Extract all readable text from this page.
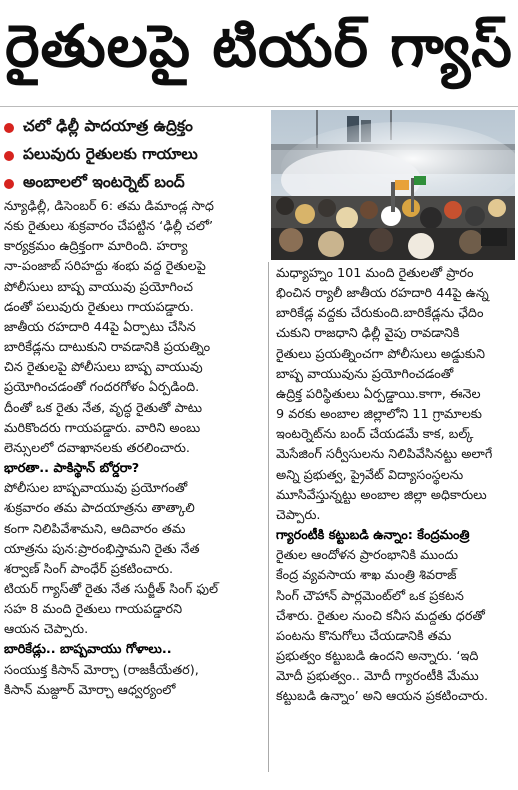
రైతులపై టియర్ గ్యాస్
చలో ఢిల్లీ పాదయాత్ర ఉద్రిక్తం
పలువురు రైతులకు గాయాలు
అంబాలలో ఇంటర్నెట్ బంద్

న్యూఢిల్లీ, డిసెంబర్ 6: తమ డిమాండ్ల సాధ

నకు రైతులు శుక్రవారం చేపట్టిన ‘ఢిల్లీ చలో’

కార్యక్రమం ఉద్రిక్తంగా మారింది. హర్యా

నా-పంజాబ్ సరిహద్దు శంభు వద్ద రైతులపై

పోలీసులు బాష్ప వాయువు ప్రయోగించ

డంతో పలువురు రైతులు గాయపడ్డారు.

జాతీయ రహదారి 44పై ఏర్పాటు చేసిన

బారికేడ్లను దాటుకుని రావడానికి ప్రయత్నిం

చిన రైతులపై పోలీసులు బాష్ప వాయువు

ప్రయోగించడంతో గందరగోళం ఏర్పడింది.

దీంతో ఒక రైతు నేత, వృద్ధ రైతుతో పాటు

మరికొందరు గాయపడ్డారు. వారిని అంబు

లెన్సులలో దవాఖానలకు తరలించారు.

భారతా.. పాకిస్థాన్ బోర్డరా?

పోలీసుల బాష్పవాయువు ప్రయోగంతో

శుక్రవారం తమ పాదయాత్రను తాత్కాలి

కంగా నిలిపివేశామని, ఆదివారం తమ

యాత్రను పున:ప్రారంభిస్తామని రైతు నేత

శర్వాణ్ సింగ్ పాంధేర్ ప్రకటించారు.

టియర్ గ్యాస్‌తో రైతు నేత సుర్జీత్ సింగ్ ఫుల్

సహ 8 మంది రైతులు గాయపడ్డారని

ఆయన చెప్పారు.

బారికేడ్లు.. బాష్పవాయు గోళాలు..

సంయుక్త కిసాన్ మోర్చా (రాజకీయేతర),

కిసాన్ మజ్దూర్ మోర్చా ఆధ్వర్యంలో

మధ్యాహ్నం 101 మంది రైతులతో ప్రారం

భించిన ర్యాలీ జాతీయ రహదారి 44పై ఉన్న

బారికేడ్ల వద్దకు చేరుకుంది.బారికేడ్లను ఛేదిం

చుకుని రాజధాని ఢిల్లీ వైపు రావడానికి

రైతులు ప్రయత్నించగా పోలీసులు అడ్డుకుని

బాష్ప వాయువును ప్రయోగించడంతో

ఉద్రిక్త పరిస్థితులు ఏర్పడ్డాయి.కాగా, ఈనెల

9 వరకు అంబాల జిల్లాలోని 11 గ్రామాలకు

ఇంటర్నెట్‌ను బంద్ చేయడమే కాక, బల్క్

మెసేజింగ్ సర్వీసులను నిలిపివేసినట్టు అలాగే

అన్ని ప్రభుత్వ, ప్రైవేట్ విద్యాసంస్థలను

మూసివేస్తున్నట్టు అంబాల జిల్లా అధికారులు

చెప్పారు.

గ్యారంటీకి కట్టుబడి ఉన్నాం: కేంద్రమంత్రి

రైతుల ఆందోళన ప్రారంభానికి ముందు

కేంద్ర వ్యవసాయ శాఖ మంత్రి శివరాజ్

సింగ్ చౌహాన్ పార్లమెంట్‌లో ఒక ప్రకటన

చేశారు. రైతుల నుంచి కనీస మద్దతు ధరతో

పంటను కొనుగోలు చేయడానికి తమ

ప్రభుత్వం కట్టుబడి ఉందని అన్నారు. ‘ఇది

మోదీ ప్రభుత్వం.. మోదీ గ్యారంటీకి మేము

కట్టుబడి ఉన్నాం’ అని ఆయన ప్రకటించారు.
